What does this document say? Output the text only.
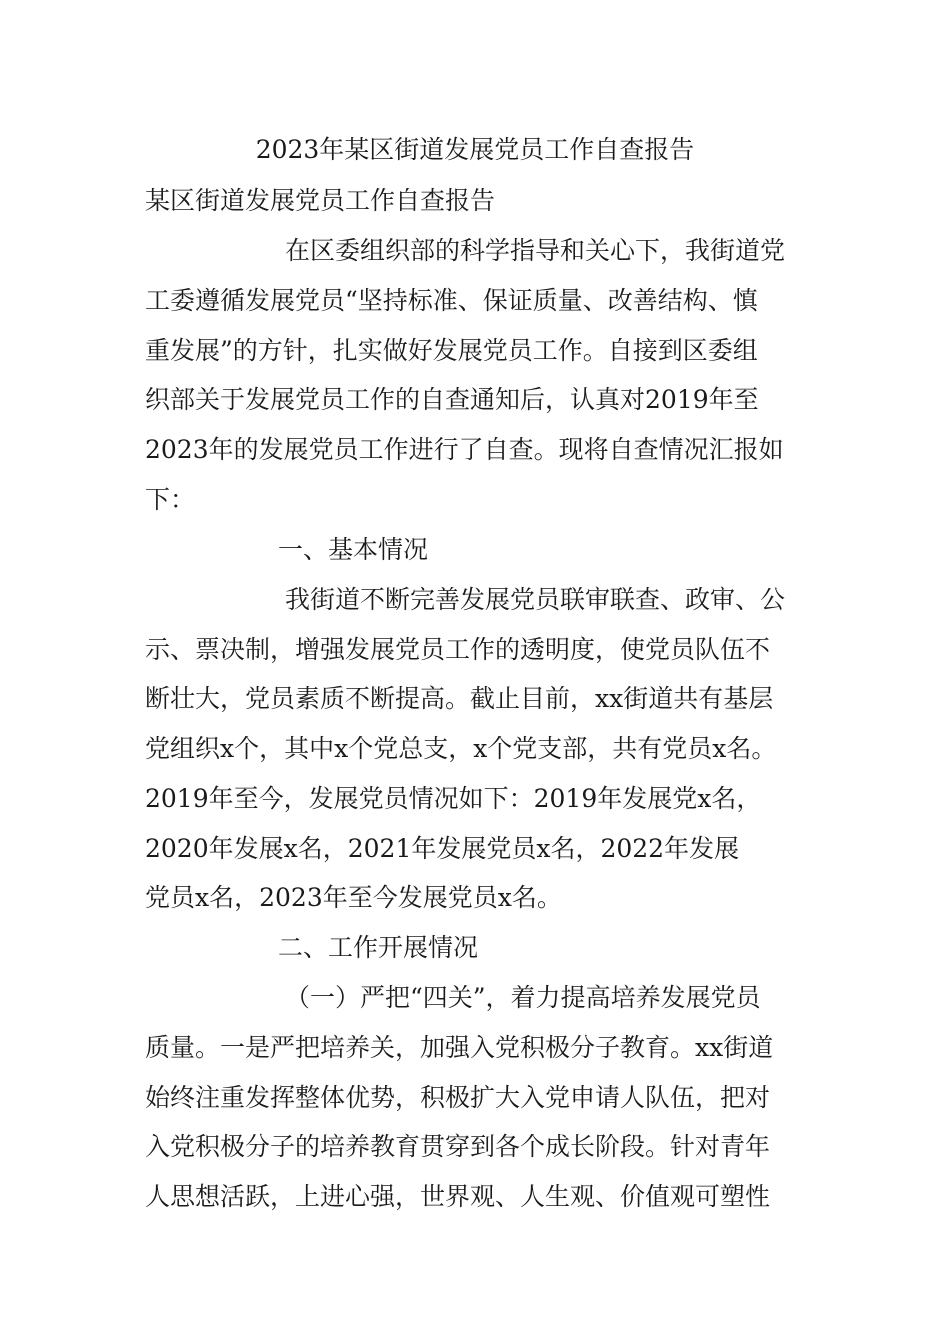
2023年某区街道发展党员工作自查报告

某区街道发展党员工作自查报告

在区委组织部的科学指导和关心下，我街道党

工委遵循发展党员“坚持标准、保证质量、改善结构、慎

重发展”的方针，扎实做好发展党员工作。自接到区委组

织部关于发展党员工作的自查通知后，认真对2019年至

2023年的发展党员工作进行了自查。现将自查情况汇报如

下：

一、基本情况

我街道不断完善发展党员联审联查、政审、公

示、票决制，增强发展党员工作的透明度，使党员队伍不

断壮大，党员素质不断提高。截止目前，xx街道共有基层

党组织x个，其中x个党总支，x个党支部，共有党员x名。

2019年至今，发展党员情况如下：2019年发展党x名，

2020年发展x名，2021年发展党员x名，2022年发展

党员x名，2023年至今发展党员x名。

二、工作开展情况

（一）严把“四关”，着力提高培养发展党员

质量。一是严把培养关，加强入党积极分子教育。xx街道

始终注重发挥整体优势，积极扩大入党申请人队伍，把对

入党积极分子的培养教育贯穿到各个成长阶段。针对青年

人思想活跃，上进心强，世界观、人生观、价值观可塑性
